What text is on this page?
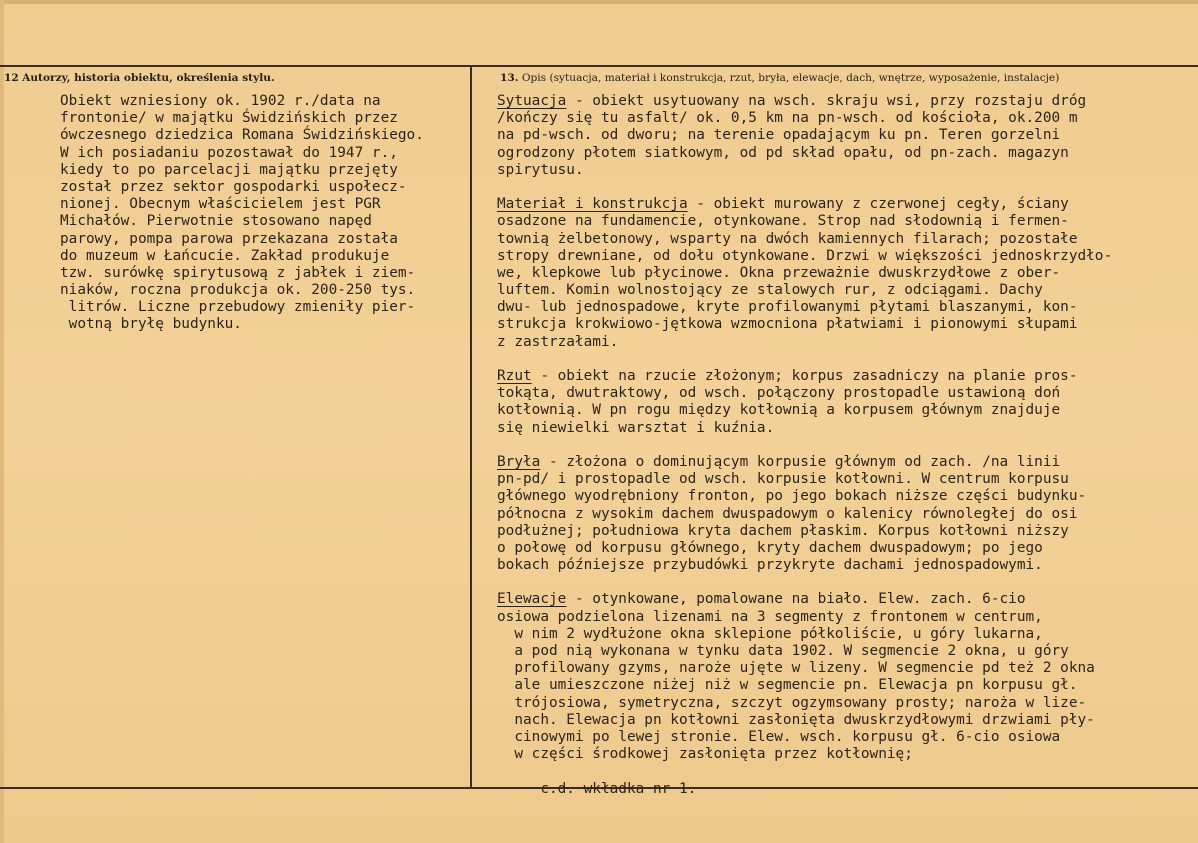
12 Autorzy, historia obiektu, określenia stylu.	13. Opis (sytuacja, materiał i konstrukcja, rzut, bryła, elewacje, dach, wnętrze, wyposażenie, instalacje)

Obiekt wzniesiony ok. 1902 r./data na
frontonie/ w majątku Świdzińskich przez
ówczesnego dziedzica Romana Świdzińskiego.
W ich posiadaniu pozostawał do 1947 r.,
kiedy to po parcelacji majątku przejęty
został przez sektor gospodarki uspołecz-
nionej. Obecnym właścicielem jest PGR
Michałów. Pierwotnie stosowano napęd
parowy, pompa parowa przekazana została
do muzeum w Łańcucie. Zakład produkuje
tzw. surówkę spirytusową z jabłek i ziem-
niaków, roczna produkcja ok. 200-250 tys.
litrów. Liczne przebudowy zmieniły pier-
wotną bryłę budynku.
Sytuacja - obiekt usytuowany na wsch. skraju wsi, przy rozstaju dróg
/kończy się tu asfalt/ ok. 0,5 km na pn-wsch. od kościoła, ok.200 m
na pd-wsch. od dworu; na terenie opadającym ku pn. Teren gorzelni
ogrodzony płotem siatkowym, od pd skład opału, od pn-zach. magazyn
spirytusu.
Materiał i konstrukcja - obiekt murowany z czerwonej cegły, ściany
osadzone na fundamencie, otynkowane. Strop nad słodownią i fermen-
townią żelbetonowy, wsparty na dwóch kamiennych filarach; pozostałe
stropy drewniane, od dołu otynkowane. Drzwi w większości jednoskrzydło-
we, klepkowe lub płycinowe. Okna przeważnie dwuskrzydłowe z ober-
luftem. Komin wolnostojący ze stalowych rur, z odciągami. Dachy
dwu- lub jednospadowe, kryte profilowanymi płytami blaszanymi, kon-
strukcja krokwiowo-jętkowa wzmocniona płatwiami i pionowymi słupami
z zastrzałami.
Rzut - obiekt na rzucie złożonym; korpus zasadniczy na planie pros-
tokąta, dwutraktowy, od wsch. połączony prostopadle ustawioną doń
kotłownią. W pn rogu między kotłownią a korpusem głównym znajduje
się niewielki warsztat i kuźnia.
Bryła - złożona o dominującym korpusie głównym od zach. /na linii
pn-pd/ i prostopadle od wsch. korpusie kotłowni. W centrum korpusu
głównego wyodrębniony fronton, po jego bokach niższe części budynku-
północna z wysokim dachem dwuspadowym o kalenicy równoległej do osi
podłużnej; południowa kryta dachem płaskim. Korpus kotłowni niższy
o połowę od korpusu głównego, kryty dachem dwuspadowym; po jego
bokach późniejsze przybudówki przykryte dachami jednospadowymi.
Elewacje - otynkowane, pomalowane na biało. Elew. zach. 6-cio
osiowa podzielona lizenami na 3 segmenty z frontonem w centrum,
w nim 2 wydłużone okna sklepione półkoliście, u góry lukarna,
a pod nią wykonana w tynku data 1902. W segmencie 2 okna, u góry
profilowany gzyms, naroże ujęte w lizeny. W segmencie pd też 2 okna
ale umieszczone niżej niż w segmencie pn. Elewacja pn korpusu gł.
trójosiowa, symetryczna, szczyt ogzymsowany prosty; naroża w lize-
nach. Elewacja pn kotłowni zasłonięta dwuskrzydłowymi drzwiami pły-
cinowymi po lewej stronie. Elew. wsch. korpusu gł. 6-cio osiowa
w części środkowej zasłonięta przez kotłownię;
c.d. wkładka nr 1.
